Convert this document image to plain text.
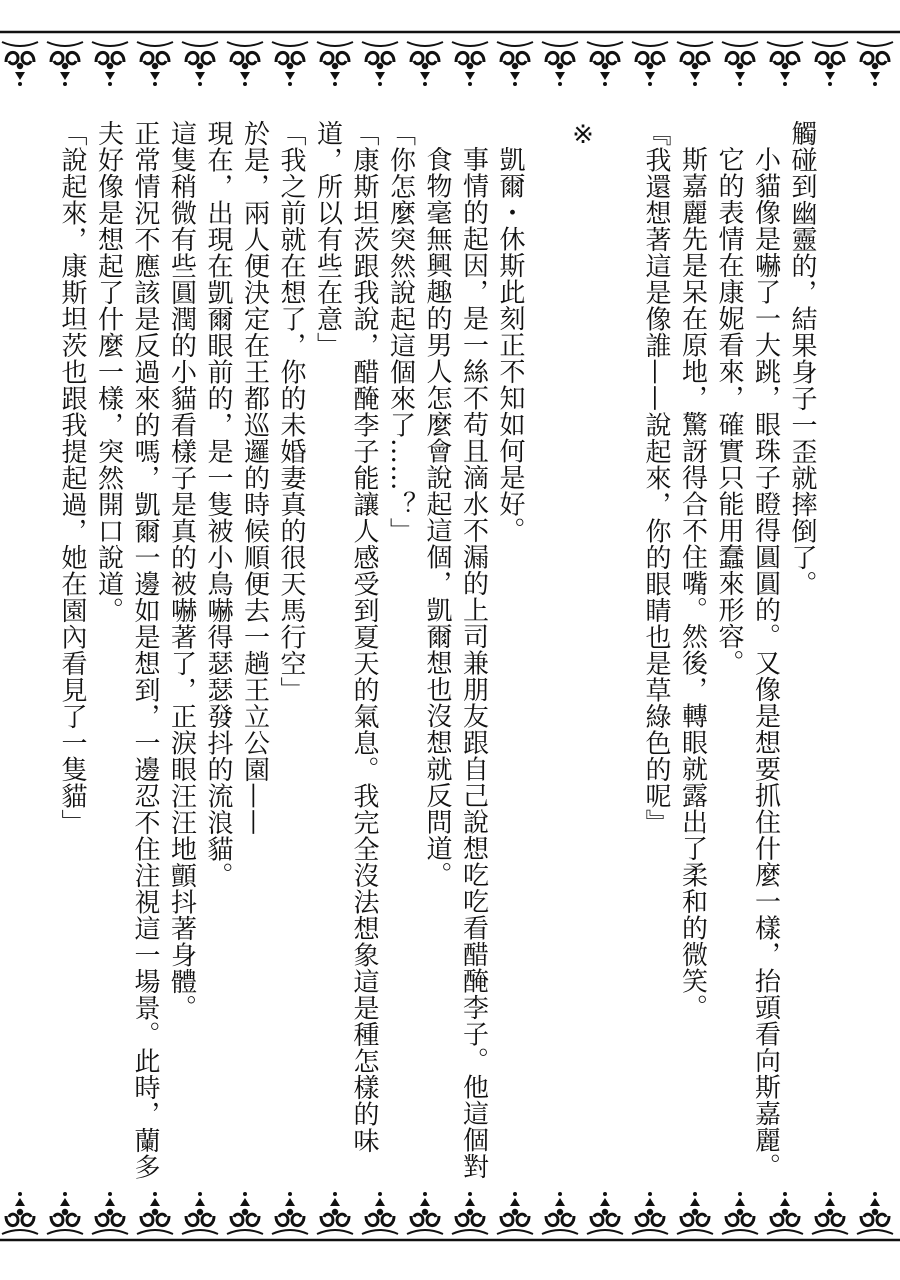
觸碰到幽靈的，結果身子一歪就摔倒了。

小貓像是嚇了一大跳，眼珠子瞪得圓圓的。又像是想要抓住什麼一樣，抬頭看向斯嘉麗。它的表情在康妮看來，確實只能用蠢來形容。

斯嘉麗先是呆在原地，驚訝得合不住嘴。然後，轉眼就露出了柔和的微笑。

『我還想著這是像誰——說起來，你的眼睛也是草綠色的呢』

※

凱爾・休斯此刻正不知如何是好。

事情的起因，是一絲不苟且滴水不漏的上司兼朋友跟自己說想吃吃看醋醃李子。他這個對食物毫無興趣的男人怎麼會說起這個，凱爾想也沒想就反問道。

「你怎麼突然說起這個來了……？」

「康斯坦茨跟我說，醋醃李子能讓人感受到夏天的氣息。我完全沒法想象這是種怎樣的味道，所以有些在意」

「我之前就在想了，你的未婚妻真的很天馬行空」

於是，兩人便決定在王都巡邏的時候順便去一趟王立公園——

現在，出現在凱爾眼前的，是一隻被小鳥嚇得瑟瑟發抖的流浪貓。

這隻稍微有些圓潤的小貓看樣子是真的被嚇著了，正淚眼汪汪地顫抖著身體。

正常情況不應該是反過來的嗎，凱爾一邊如是想到，一邊忍不住注視這一場景。此時，蘭多夫好像是想起了什麼一樣，突然開口說道。

「說起來，康斯坦茨也跟我提起過，她在園內看見了一隻貓」
